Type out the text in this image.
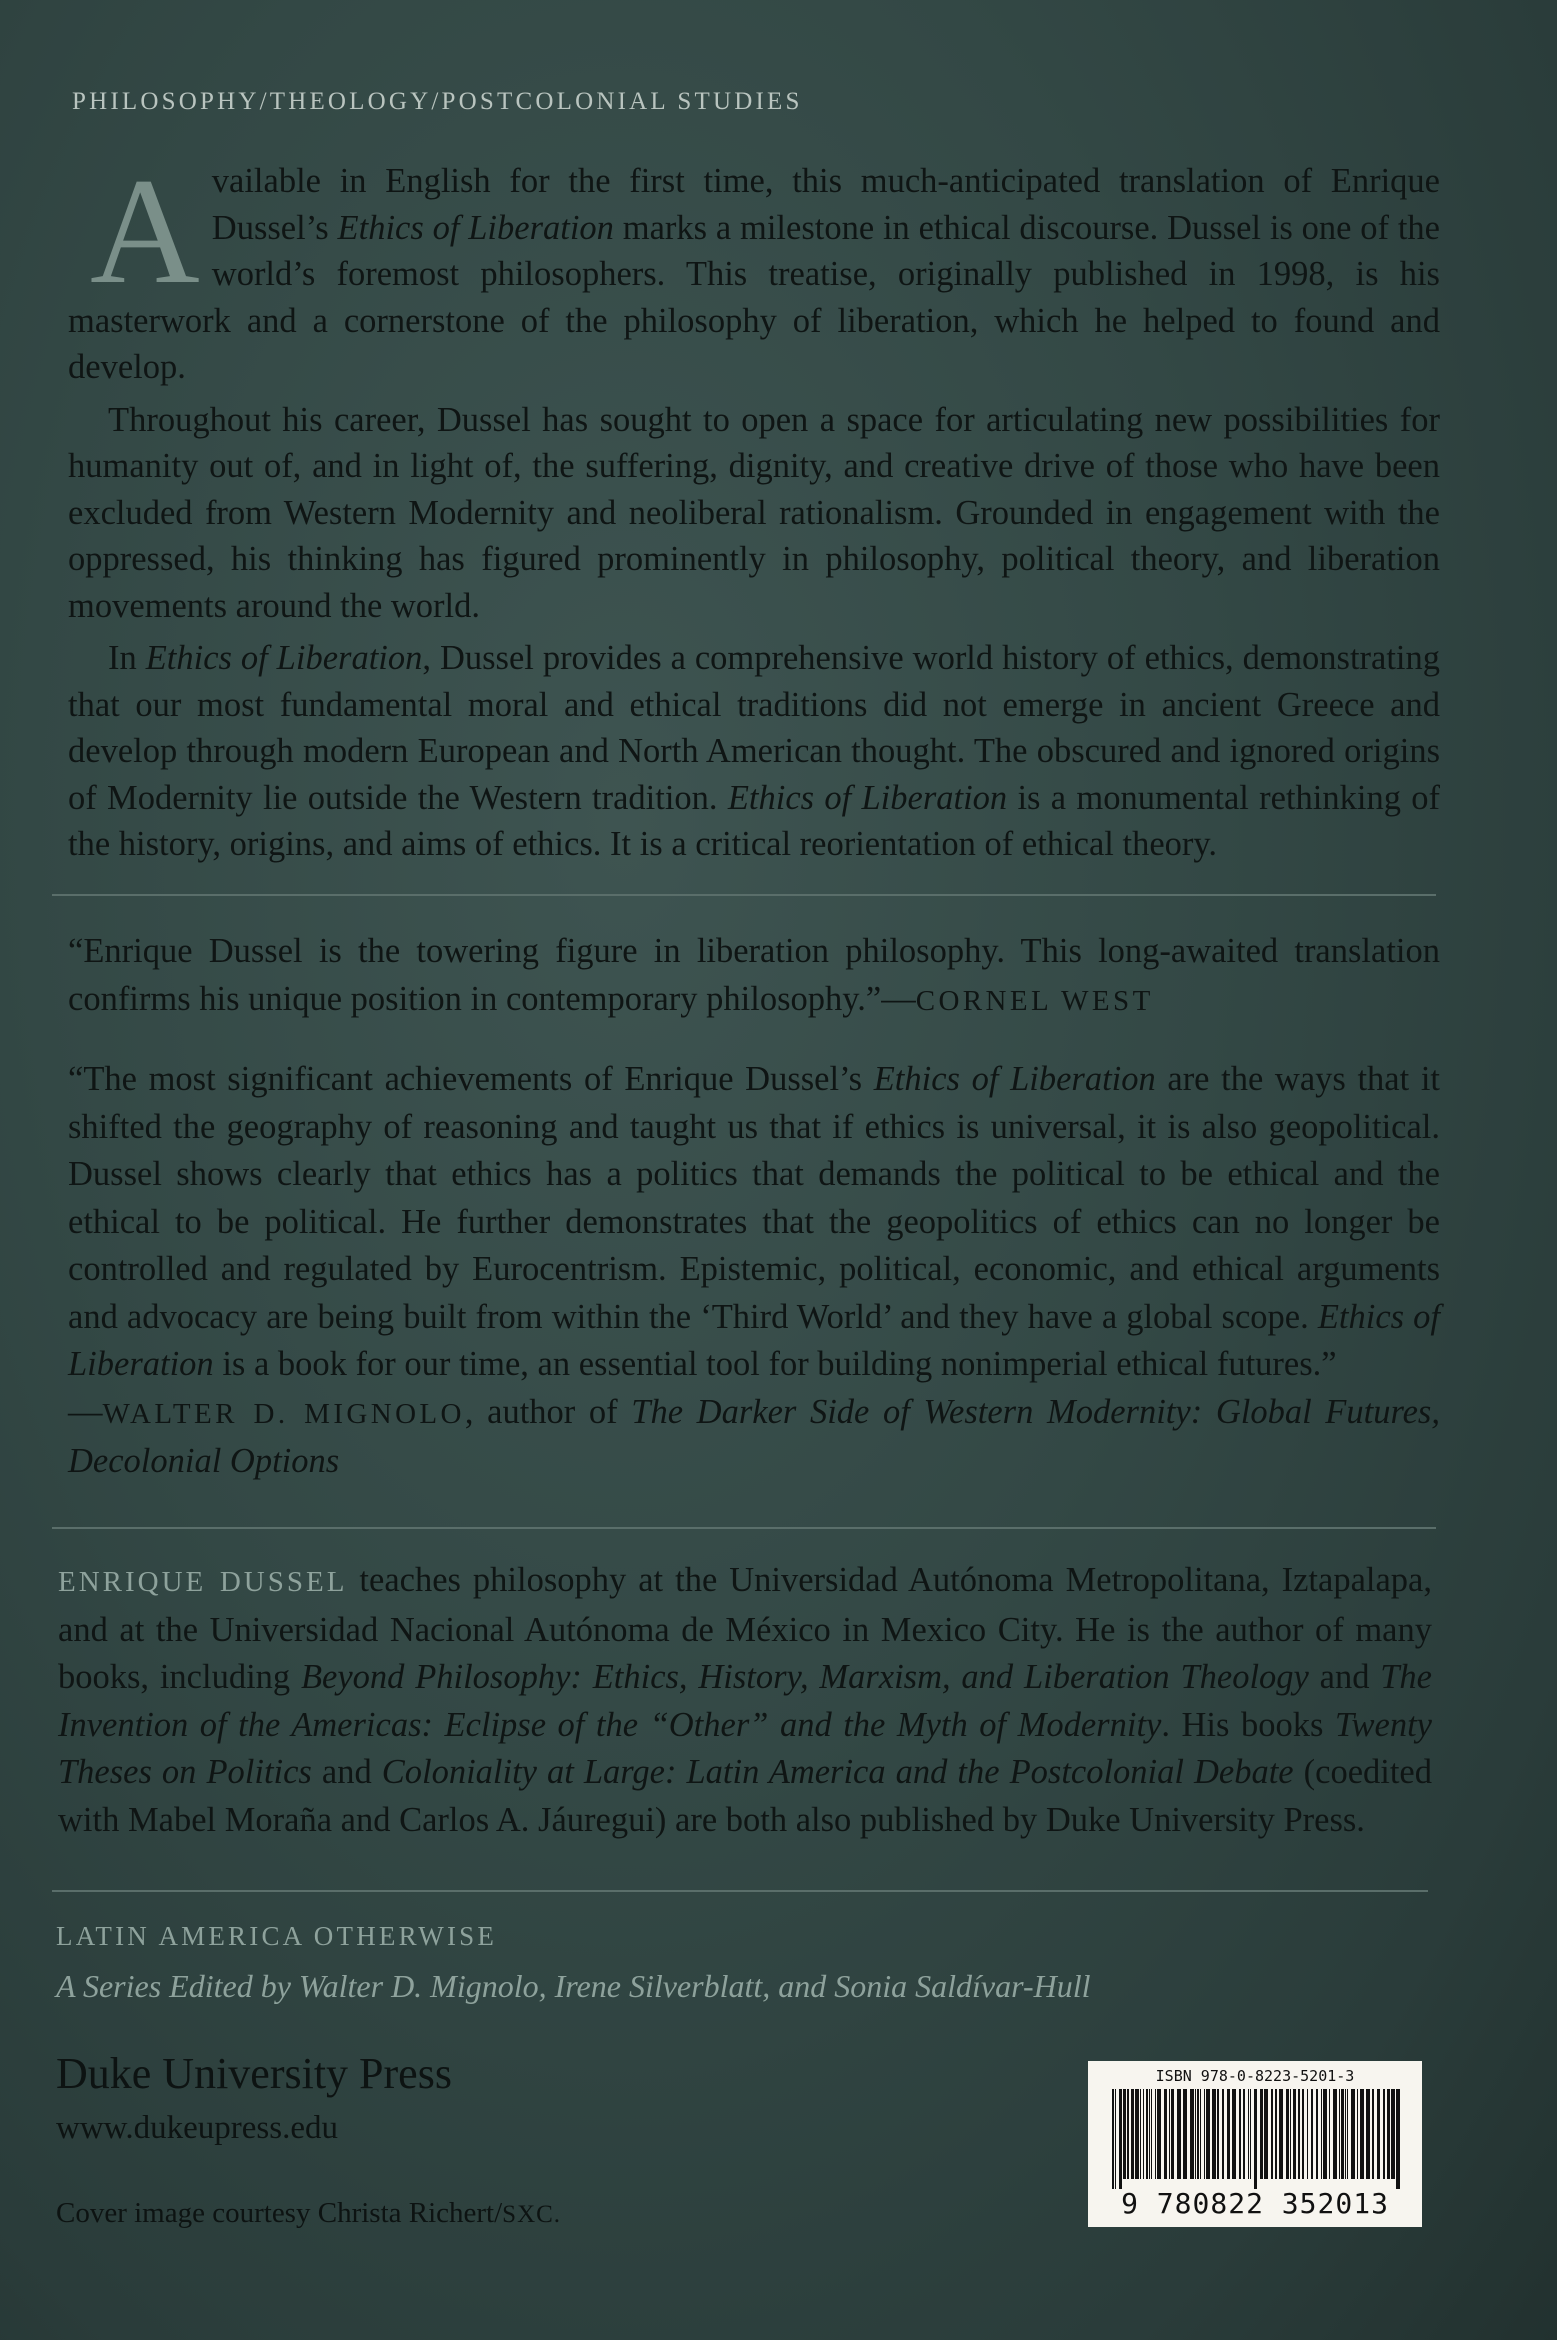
PHILOSOPHY/THEOLOGY/POSTCOLONIAL STUDIES

Available in English for the first time, this much-anticipated translation of Enrique Dussel’s Ethics of Liberation marks a milestone in ethical discourse. Dussel is one of the world’s foremost philosophers. This treatise, originally published in 1998, is his masterwork and a cornerstone of the philosophy of liberation, which he helped to found and develop.

Throughout his career, Dussel has sought to open a space for articulating new possibilities for humanity out of, and in light of, the suffering, dignity, and creative drive of those who have been excluded from Western Modernity and neoliberal rationalism. Grounded in engagement with the oppressed, his thinking has figured prominently in philosophy, political theory, and liberation movements around the world.

In Ethics of Liberation, Dussel provides a comprehensive world history of ethics, demonstrating that our most fundamental moral and ethical traditions did not emerge in ancient Greece and develop through modern European and North American thought. The obscured and ignored origins of Modernity lie outside the Western tradition. Ethics of Liberation is a monumental rethinking of the history, origins, and aims of ethics. It is a critical reorientation of ethical theory.

“Enrique Dussel is the towering figure in liberation philosophy. This long-awaited translation confirms his unique position in contemporary philosophy.”—CORNEL WEST

“The most significant achievements of Enrique Dussel’s Ethics of Liberation are the ways that it shifted the geography of reasoning and taught us that if ethics is universal, it is also geopolitical. Dussel shows clearly that ethics has a politics that demands the political to be ethical and the ethical to be political. He further demonstrates that the geopolitics of ethics can no longer be controlled and regulated by Eurocentrism. Epistemic, political, economic, and ethical arguments and advocacy are being built from within the ‘Third World’ and they have a global scope. Ethics of Liberation is a book for our time, an essential tool for building nonimperial ethical futures.”
—WALTER D. MIGNOLO, author of The Darker Side of Western Modernity: Global Futures, Decolonial Options

ENRIQUE DUSSEL teaches philosophy at the Universidad Autónoma Metropolitana, Iztapalapa, and at the Universidad Nacional Autónoma de México in Mexico City. He is the author of many books, including Beyond Philosophy: Ethics, History, Marxism, and Liberation Theology and The Invention of the Americas: Eclipse of the “Other” and the Myth of Modernity. His books Twenty Theses on Politics and Coloniality at Large: Latin America and the Postcolonial Debate (coedited with Mabel Moraña and Carlos A. Jáuregui) are both also published by Duke University Press.

LATIN AMERICA OTHERWISE
A Series Edited by Walter D. Mignolo, Irene Silverblatt, and Sonia Saldívar-Hull
Duke University Press
www.dukeupress.edu
Cover image courtesy Christa Richert/SXC.
ISBN 978-0-8223-5201-3
9 780822 352013
